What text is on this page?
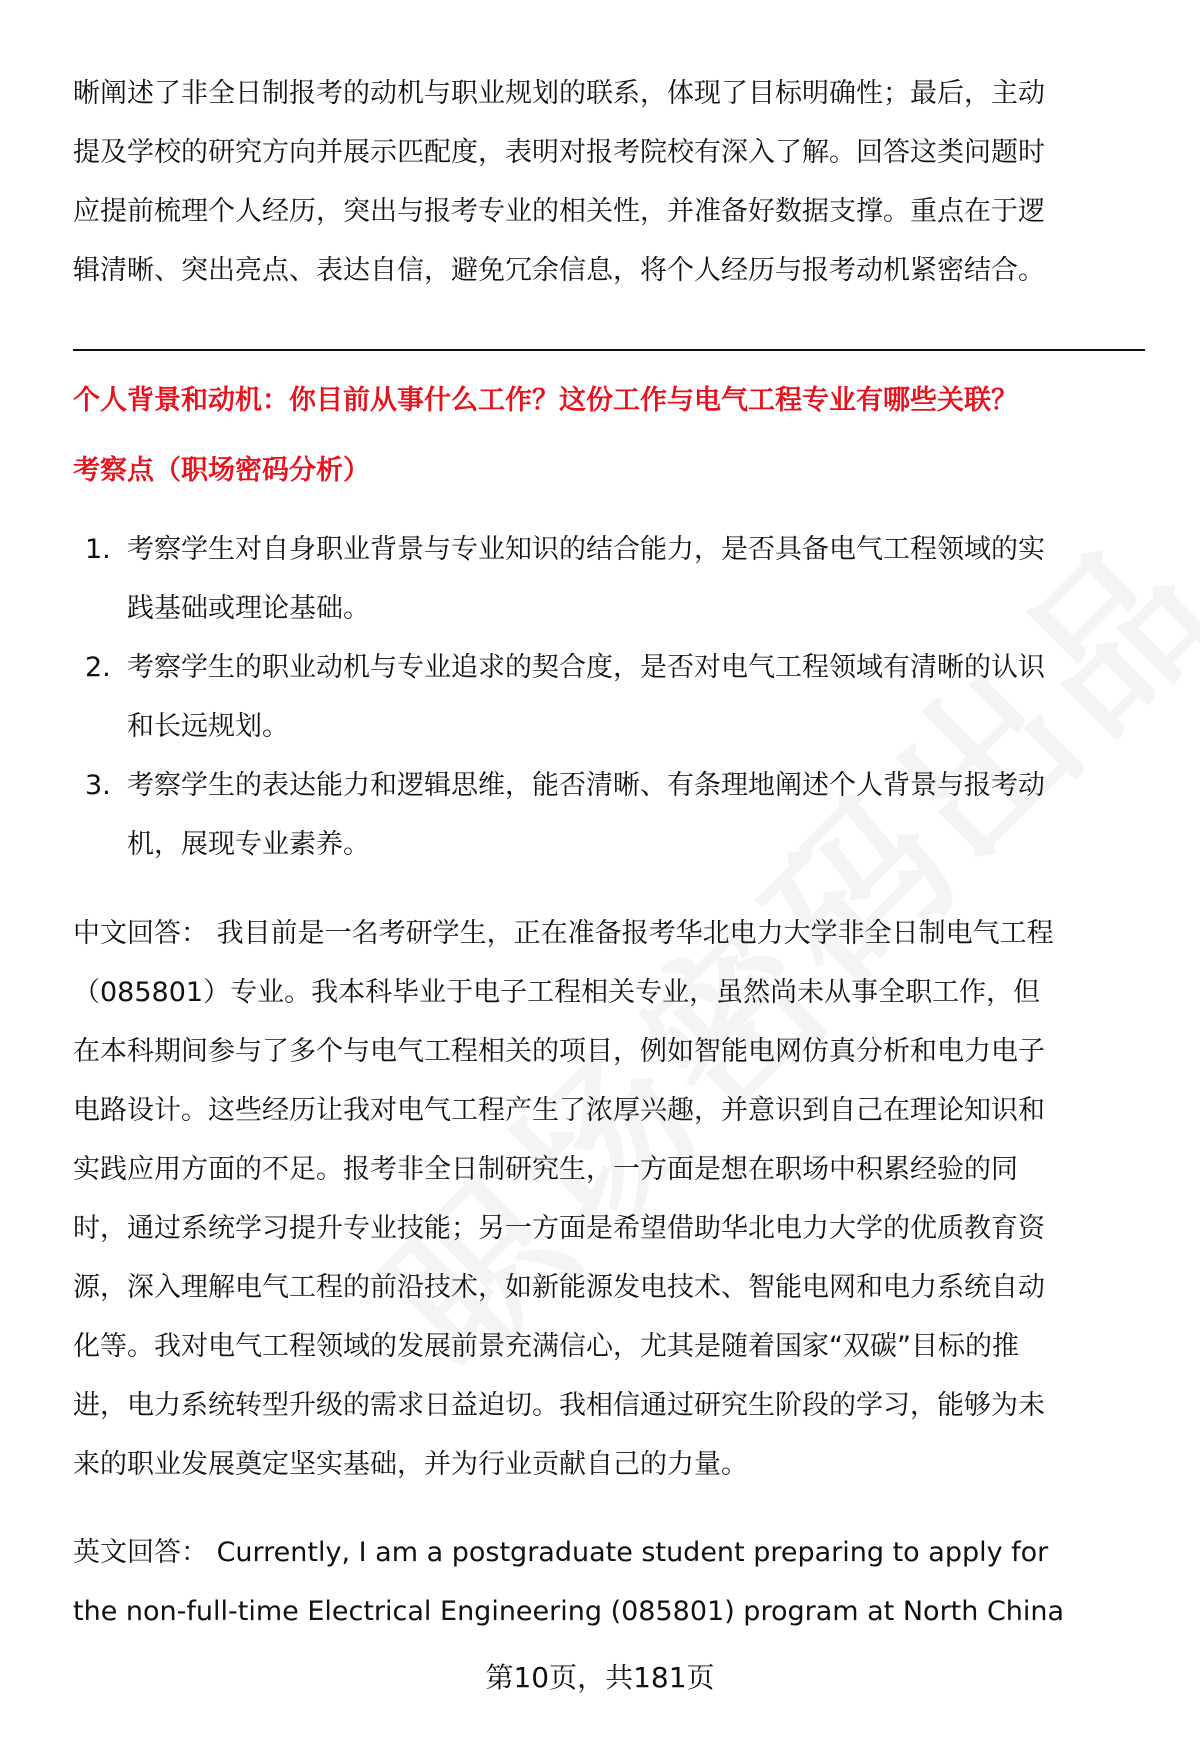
晰阐述了非全日制报考的动机与职业规划的联系，体现了目标明确性；最后，主动
提及学校的研究方向并展示匹配度，表明对报考院校有深入了解。回答这类问题时
应提前梳理个人经历，突出与报考专业的相关性，并准备好数据支撑。重点在于逻
辑清晰、突出亮点、表达自信，避免冗余信息，将个人经历与报考动机紧密结合。
个人背景和动机：你目前从事什么工作？这份工作与电气工程专业有哪些关联？
考察点（职场密码分析）
1. 考察学生对自身职业背景与专业知识的结合能力，是否具备电气工程领域的实
践基础或理论基础。
2. 考察学生的职业动机与专业追求的契合度，是否对电气工程领域有清晰的认识
和长远规划。
3. 考察学生的表达能力和逻辑思维，能否清晰、有条理地阐述个人背景与报考动
机，展现专业素养。
中文回答： 我目前是一名考研学生，正在准备报考华北电力大学非全日制电气工程
（085801）专业。我本科毕业于电子工程相关专业，虽然尚未从事全职工作，但
在本科期间参与了多个与电气工程相关的项目，例如智能电网仿真分析和电力电子
电路设计。这些经历让我对电气工程产生了浓厚兴趣，并意识到自己在理论知识和
实践应用方面的不足。报考非全日制研究生，一方面是想在职场中积累经验的同
时，通过系统学习提升专业技能；另一方面是希望借助华北电力大学的优质教育资
源，深入理解电气工程的前沿技术，如新能源发电技术、智能电网和电力系统自动
化等。我对电气工程领域的发展前景充满信心，尤其是随着国家“双碳”目标的推
进，电力系统转型升级的需求日益迫切。我相信通过研究生阶段的学习，能够为未
来的职业发展奠定坚实基础，并为行业贡献自己的力量。
英文回答： Currently, I am a postgraduate student preparing to apply for
the non-full-time Electrical Engineering (085801) program at North China
第10页，共181页
